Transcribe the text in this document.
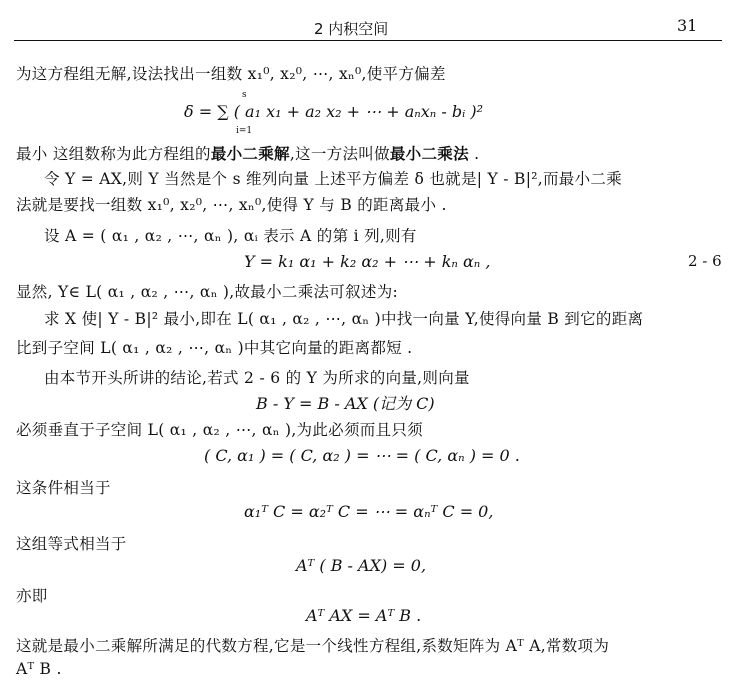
2 内积空间	31
为这方程组无解,设法找出一组数 x₁⁰, x₂⁰, ⋯, xₙ⁰,使平方偏差
s
i=1
δ = ∑ ( a₁ x₁ + a₂ x₂ + ⋯ + aₙxₙ - bᵢ )²
最小 这组数称为此方程组的最小二乘解,这一方法叫做最小二乘法 .
令 Y = AX,则 Y 当然是个 s 维列向量 上述平方偏差 δ 也就是| Y - B|²,而最小二乘
法就是要找一组数 x₁⁰, x₂⁰, ⋯, xₙ⁰,使得 Y 与 B 的距离最小 .
设 A = ( α₁ , α₂ , ⋯, αₙ ), αᵢ 表示 A 的第 i 列,则有
Y = k₁ α₁ + k₂ α₂ + ⋯ + kₙ αₙ ,	2 - 6
显然, Y∈ L( α₁ , α₂ , ⋯, αₙ ),故最小二乘法可叙述为:
求 X 使| Y - B|² 最小,即在 L( α₁ , α₂ , ⋯, αₙ )中找一向量 Y,使得向量 B 到它的距离
比到子空间 L( α₁ , α₂ , ⋯, αₙ )中其它向量的距离都短 .
由本节开头所讲的结论,若式 2 - 6 的 Y 为所求的向量,则向量
B - Y = B - AX (记为 C)
必须垂直于子空间 L( α₁ , α₂ , ⋯, αₙ ),为此必须而且只须
( C, α₁ ) = ( C, α₂ ) = ⋯ = ( C, αₙ ) = 0 .
这条件相当于
α₁ᵀ C = α₂ᵀ C = ⋯ = αₙᵀ C = 0,
这组等式相当于
Aᵀ ( B - AX) = 0,
亦即
Aᵀ AX = Aᵀ B .
这就是最小二乘解所满足的代数方程,它是一个线性方程组,系数矩阵为 Aᵀ A,常数项为
Aᵀ B .
